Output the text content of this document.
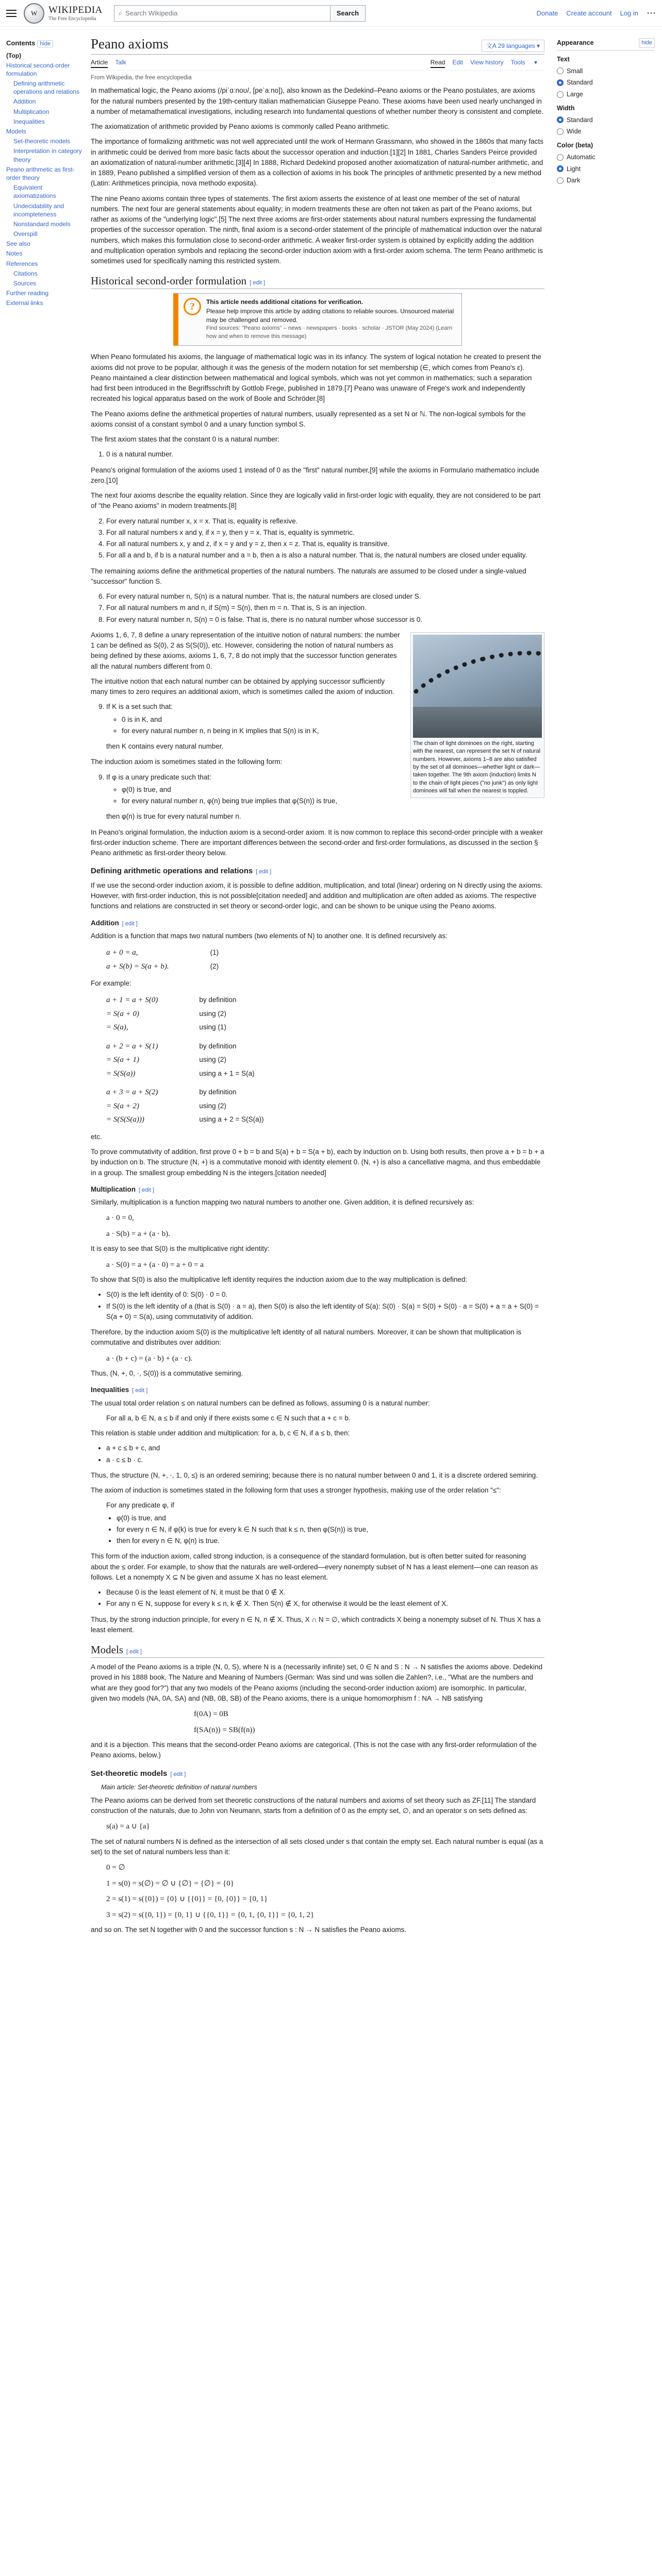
W	WIKIPEDIA
The Free Encyclopedia
⌕ Search Wikipedia	Search	Donate Create account Log in ⋯
Contents hide
(Top)
Historical second-order formulation
Defining arithmetic operations and relations
Addition
Multiplication
Inequalities
Models
Set-theoretic models
Interpretation in category theory
Peano arithmetic as first-order theory
Equivalent axiomatizations
Undecidability and incompleteness
Nonstandard models
Overspill
See also
Notes
References
Citations
Sources
Further reading
External links
Peano axioms	文A 29 languages ▾
Article Talk	Read Edit View history Tools ▾
From Wikipedia, the free encyclopedia

In mathematical logic, the Peano axioms (/piˈɑːnoʊ/, [peˈaːno]), also known as the Dedekind–Peano axioms or the Peano postulates, are axioms for the natural numbers presented by the 19th-century Italian mathematician Giuseppe Peano. These axioms have been used nearly unchanged in a number of metamathematical investigations, including research into fundamental questions of whether number theory is consistent and complete.

The axiomatization of arithmetic provided by Peano axioms is commonly called Peano arithmetic.

The importance of formalizing arithmetic was not well appreciated until the work of Hermann Grassmann, who showed in the 1860s that many facts in arithmetic could be derived from more basic facts about the successor operation and induction.[1][2] In 1881, Charles Sanders Peirce provided an axiomatization of natural-number arithmetic.[3][4] In 1888, Richard Dedekind proposed another axiomatization of natural-number arithmetic, and in 1889, Peano published a simplified version of them as a collection of axioms in his book The principles of arithmetic presented by a new method (Latin: Arithmetices principia, nova methodo exposita).

The nine Peano axioms contain three types of statements. The first axiom asserts the existence of at least one member of the set of natural numbers. The next four are general statements about equality; in modern treatments these are often not taken as part of the Peano axioms, but rather as axioms of the "underlying logic".[5] The next three axioms are first-order statements about natural numbers expressing the fundamental properties of the successor operation. The ninth, final axiom is a second-order statement of the principle of mathematical induction over the natural numbers, which makes this formulation close to second-order arithmetic. A weaker first-order system is obtained by explicitly adding the addition and multiplication operation symbols and replacing the second-order induction axiom with a first-order axiom schema. The term Peano arithmetic is sometimes used for specifically naming this restricted system.

Historical second-order formulation [ edit ]
?	This article needs additional citations for verification.
Please help improve this article by adding citations to reliable sources. Unsourced material may be challenged and removed.
Find sources: "Peano axioms" – news · newspapers · books · scholar · JSTOR (May 2024) (Learn how and when to remove this message)

When Peano formulated his axioms, the language of mathematical logic was in its infancy. The system of logical notation he created to present the axioms did not prove to be popular, although it was the genesis of the modern notation for set membership (∈, which comes from Peano's ε). Peano maintained a clear distinction between mathematical and logical symbols, which was not yet common in mathematics; such a separation had first been introduced in the Begriffsschrift by Gottlob Frege, published in 1879.[7] Peano was unaware of Frege's work and independently recreated his logical apparatus based on the work of Boole and Schröder.[8]

The Peano axioms define the arithmetical properties of natural numbers, usually represented as a set N or ℕ. The non-logical symbols for the axioms consist of a constant symbol 0 and a unary function symbol S.

The first axiom states that the constant 0 is a natural number:

1. 0 is a natural number.

Peano's original formulation of the axioms used 1 instead of 0 as the "first" natural number,[9] while the axioms in Formulario mathematico include zero.[10]

The next four axioms describe the equality relation. Since they are logically valid in first-order logic with equality, they are not considered to be part of "the Peano axioms" in modern treatments.[8]

2. For every natural number x, x = x. That is, equality is reflexive.
3. For all natural numbers x and y, if x = y, then y = x. That is, equality is symmetric.
4. For all natural numbers x, y and z, if x = y and y = z, then x = z. That is, equality is transitive.
5. For all a and b, if b is a natural number and a = b, then a is also a natural number. That is, the natural numbers are closed under equality.

The remaining axioms define the arithmetical properties of the natural numbers. The naturals are assumed to be closed under a single-valued "successor" function S.

6. For every natural number n, S(n) is a natural number. That is, the natural numbers are closed under S.
7. For all natural numbers m and n, if S(m) = S(n), then m = n. That is, S is an injection.
8. For every natural number n, S(n) = 0 is false. That is, there is no natural number whose successor is 0.
The chain of light dominoes on the right, starting with the nearest, can represent the set N of natural numbers. However, axioms 1–8 are also satisfied by the set of all dominoes—whether light or dark—taken together. The 9th axiom (induction) limits N to the chain of light pieces ("no junk") as only light dominoes will fall when the nearest is toppled.

Axioms 1, 6, 7, 8 define a unary representation of the intuitive notion of natural numbers: the number 1 can be defined as S(0), 2 as S(S(0)), etc. However, considering the notion of natural numbers as being defined by these axioms, axioms 1, 6, 7, 8 do not imply that the successor function generates all the natural numbers different from 0.

The intuitive notion that each natural number can be obtained by applying successor sufficiently many times to zero requires an additional axiom, which is sometimes called the axiom of induction.

9. If K is a set such that:
◦ 0 is in K, and
◦ for every natural number n, n being in K implies that S(n) is in K,
then K contains every natural number.

The induction axiom is sometimes stated in the following form:

9. If φ is a unary predicate such that:
◦ φ(0) is true, and
◦ for every natural number n, φ(n) being true implies that φ(S(n)) is true,
then φ(n) is true for every natural number n.

In Peano's original formulation, the induction axiom is a second-order axiom. It is now common to replace this second-order principle with a weaker first-order induction scheme. There are important differences between the second-order and first-order formulations, as discussed in the section § Peano arithmetic as first-order theory below.

Defining arithmetic operations and relations [ edit ]

If we use the second-order induction axiom, it is possible to define addition, multiplication, and total (linear) ordering on N directly using the axioms. However, with first-order induction, this is not possible[citation needed] and addition and multiplication are often added as axioms. The respective functions and relations are constructed in set theory or second-order logic, and can be shown to be unique using the Peano axioms.

Addition [ edit ]

Addition is a function that maps two natural numbers (two elements of N) to another one. It is defined recursively as:

a + 0 = a,	(1)
a + S(b) = S(a + b).	(2)

For example:

a + 1 = a + S(0)	by definition
= S(a + 0)	using (2)
= S(a),	using (1)
a + 2 = a + S(1)	by definition
= S(a + 1)	using (2)
= S(S(a))	using a + 1 = S(a)
a + 3 = a + S(2)	by definition
= S(a + 2)	using (2)
= S(S(S(a)))	using a + 2 = S(S(a))

etc.

To prove commutativity of addition, first prove 0 + b = b and S(a) + b = S(a + b), each by induction on b. Using both results, then prove a + b = b + a by induction on b. The structure (N, +) is a commutative monoid with identity element 0. (N, +) is also a cancellative magma, and thus embeddable in a group. The smallest group embedding N is the integers.[citation needed]

Multiplication [ edit ]

Similarly, multiplication is a function mapping two natural numbers to another one. Given addition, it is defined recursively as:

a · 0 = 0,
a · S(b) = a + (a · b).

It is easy to see that S(0) is the multiplicative right identity:

a · S(0) = a + (a · 0) = a + 0 = a

To show that S(0) is also the multiplicative left identity requires the induction axiom due to the way multiplication is defined:

• S(0) is the left identity of 0: S(0) · 0 = 0.
• If S(0) is the left identity of a (that is S(0) · a = a), then S(0) is also the left identity of S(a): S(0) · S(a) = S(0) + S(0) · a = S(0) + a = a + S(0) = S(a + 0) = S(a), using commutativity of addition.

Therefore, by the induction axiom S(0) is the multiplicative left identity of all natural numbers. Moreover, it can be shown that multiplication is commutative and distributes over addition:

a · (b + c) = (a · b) + (a · c).

Thus, (N, +, 0, ·, S(0)) is a commutative semiring.

Inequalities [ edit ]

The usual total order relation ≤ on natural numbers can be defined as follows, assuming 0 is a natural number:

For all a, b ∈ N, a ≤ b if and only if there exists some c ∈ N such that a + c = b.

This relation is stable under addition and multiplication: for a, b, c ∈ N, if a ≤ b, then:

• a + c ≤ b + c, and
• a · c ≤ b · c.

Thus, the structure (N, +, ·, 1, 0, ≤) is an ordered semiring; because there is no natural number between 0 and 1, it is a discrete ordered semiring.

The axiom of induction is sometimes stated in the following form that uses a stronger hypothesis, making use of the order relation "≤":

For any predicate φ, if

• φ(0) is true, and
• for every n ∈ N, if φ(k) is true for every k ∈ N such that k ≤ n, then φ(S(n)) is true,
• then for every n ∈ N, φ(n) is true.

This form of the induction axiom, called strong induction, is a consequence of the standard formulation, but is often better suited for reasoning about the ≤ order. For example, to show that the naturals are well-ordered—every nonempty subset of N has a least element—one can reason as follows. Let a nonempty X ⊆ N be given and assume X has no least element.

• Because 0 is the least element of N, it must be that 0 ∉ X.
• For any n ∈ N, suppose for every k ≤ n, k ∉ X. Then S(n) ∉ X, for otherwise it would be the least element of X.

Thus, by the strong induction principle, for every n ∈ N, n ∉ X. Thus, X ∩ N = ∅, which contradicts X being a nonempty subset of N. Thus X has a least element.

Models [ edit ]

A model of the Peano axioms is a triple (N, 0, S), where N is a (necessarily infinite) set, 0 ∈ N and S : N → N satisfies the axioms above. Dedekind proved in his 1888 book, The Nature and Meaning of Numbers (German: Was sind und was sollen die Zahlen?, i.e., "What are the numbers and what are they good for?") that any two models of the Peano axioms (including the second-order induction axiom) are isomorphic. In particular, given two models (NA, 0A, SA) and (NB, 0B, SB) of the Peano axioms, there is a unique homomorphism f : NA → NB satisfying

f(0A) = 0B
f(SA(n)) = SB(f(n))

and it is a bijection. This means that the second-order Peano axioms are categorical. (This is not the case with any first-order reformulation of the Peano axioms, below.)

Set-theoretic models [ edit ]
Main article: Set-theoretic definition of natural numbers

The Peano axioms can be derived from set theoretic constructions of the natural numbers and axioms of set theory such as ZF.[11] The standard construction of the naturals, due to John von Neumann, starts from a definition of 0 as the empty set, ∅, and an operator s on sets defined as:

s(a) = a ∪ {a}

The set of natural numbers N is defined as the intersection of all sets closed under s that contain the empty set. Each natural number is equal (as a set) to the set of natural numbers less than it:

0 = ∅
1 = s(0) = s(∅) = ∅ ∪ {∅} = {∅} = {0}
2 = s(1) = s({0}) = {0} ∪ {{0}} = {0, {0}} = {0, 1}
3 = s(2) = s({0, 1}) = {0, 1} ∪ {{0, 1}} = {0, 1, {0, 1}} = {0, 1, 2}

and so on. The set N together with 0 and the successor function s : N → N satisfies the Peano axioms.

Appearance	hide
Text
Small
Standard
Large
Width
Standard
Wide
Color (beta)
Automatic
Light
Dark
